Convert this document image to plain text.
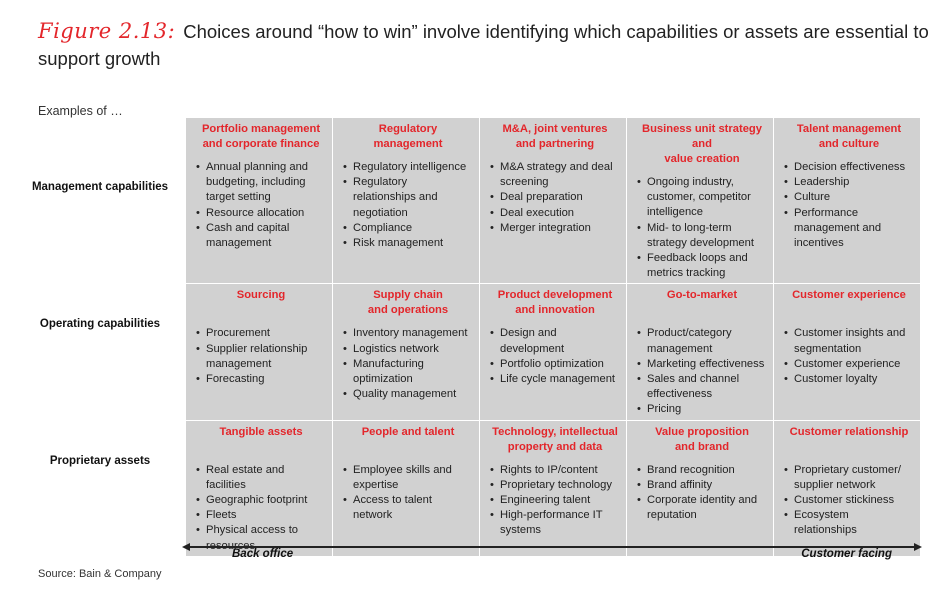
Figure 2.13: Choices around “how to win” involve identifying which capabilities or assets are essential to support growth
Examples of …
Management capabilities
Operating capabilities
Proprietary assets
Portfolio management
and corporate finance
• Annual planning and budgeting, including target setting
• Resource allocation
• Cash and capital management
Regulatory management
• Regulatory intelligence
• Regulatory relationships and negotiation
• Compliance
• Risk management
M&A, joint ventures
and partnering
• M&A strategy and deal screening
• Deal preparation
• Deal execution
• Merger integration
Business unit strategy and
value creation
• Ongoing industry, customer, competitor intelligence
• Mid- to long-term strategy development
• Feedback loops and metrics tracking
Talent management
and culture
• Decision effectiveness
• Leadership
• Culture
• Performance management and incentives
Sourcing
• Procurement
• Supplier relationship management
• Forecasting
Supply chain
and operations
• Inventory management
• Logistics network
• Manufacturing optimization
• Quality management
Product development
and innovation
• Design and development
• Portfolio optimization
• Life cycle management
Go-to-market
• Product/category management
• Marketing effectiveness
• Sales and channel effectiveness
• Pricing
Customer experience
• Customer insights and segmentation
• Customer experience
• Customer loyalty
Tangible assets
• Real estate and facilities
• Geographic footprint
• Fleets
• Physical access to
People and talent
• Employee skills and expertise
• Access to talent network
Technology, intellectual
property and data
• Rights to IP/content
• Proprietary technology
• Engineering talent
• High-performance IT systems
Value proposition
and brand
• Brand recognition
• Brand affinity
• Corporate identity and reputation
Customer relationship
• Proprietary customer/ supplier network
• Customer stickiness
• Ecosystem relationships
Back office	Customer facing
Source: Bain & Company
